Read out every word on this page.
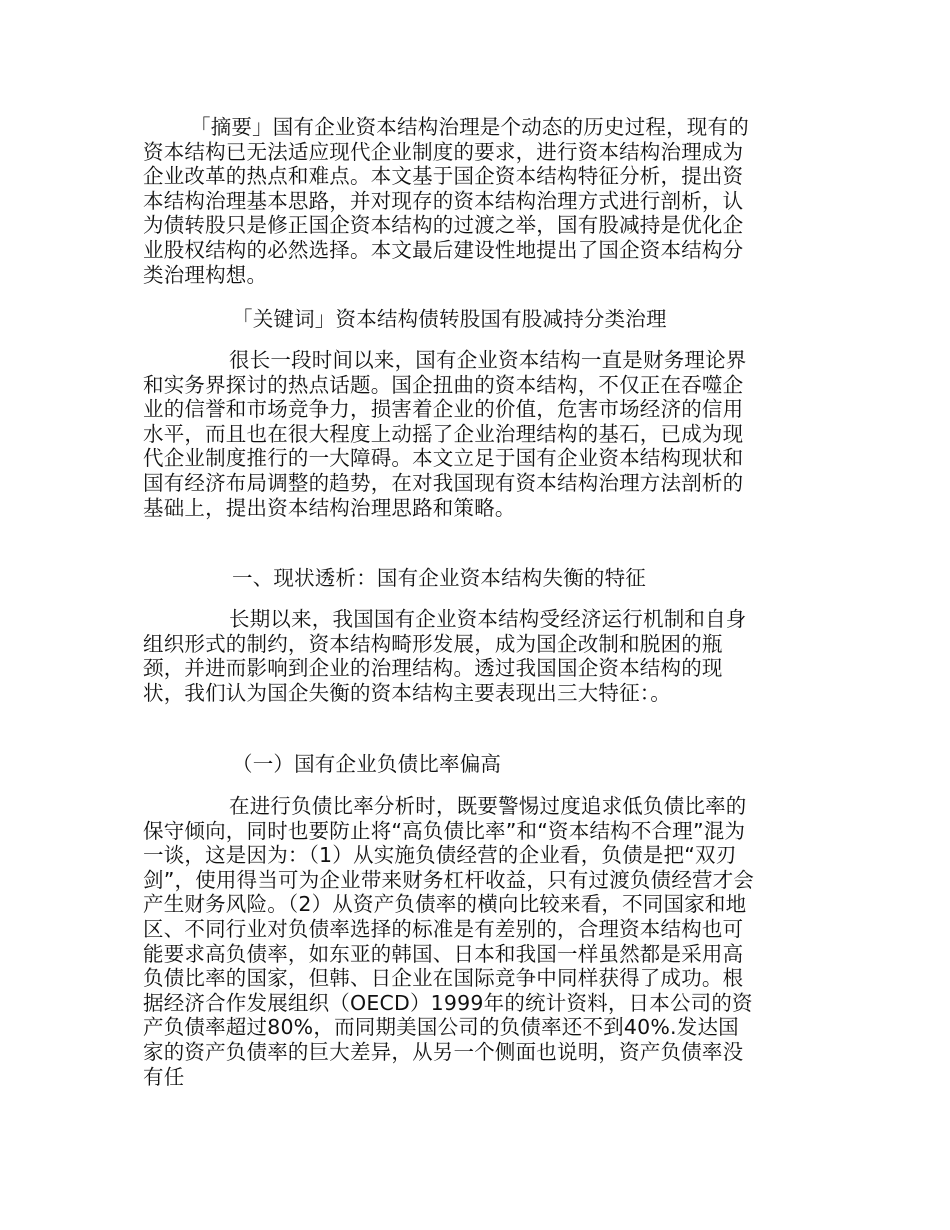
「摘要」国有企业资本结构治理是个动态的历史过程，现有的资本结构已无法适应现代企业制度的要求，进行资本结构治理成为企业改革的热点和难点。本文基于国企资本结构特征分析，提出资本结构治理基本思路，并对现存的资本结构治理方式进行剖析，认为债转股只是修正国企资本结构的过渡之举，国有股减持是优化企业股权结构的必然选择。本文最后建设性地提出了国企资本结构分类治理构想。

「关键词」资本结构债转股国有股减持分类治理

很长一段时间以来，国有企业资本结构一直是财务理论界和实务界探讨的热点话题。国企扭曲的资本结构，不仅正在吞噬企业的信誉和市场竞争力，损害着企业的价值，危害市场经济的信用水平，而且也在很大程度上动摇了企业治理结构的基石，已成为现代企业制度推行的一大障碍。本文立足于国有企业资本结构现状和国有经济布局调整的趋势，在对我国现有资本结构治理方法剖析的基础上，提出资本结构治理思路和策略。

一、现状透析：国有企业资本结构失衡的特征

长期以来，我国国有企业资本结构受经济运行机制和自身组织形式的制约，资本结构畸形发展，成为国企改制和脱困的瓶颈，并进而影响到企业的治理结构。透过我国国企资本结构的现状，我们认为国企失衡的资本结构主要表现出三大特征：。

（一）国有企业负债比率偏高

在进行负债比率分析时，既要警惕过度追求低负债比率的保守倾向，同时也要防止将“高负债比率”和“资本结构不合理”混为一谈，这是因为：（1）从实施负债经营的企业看，负债是把“双刃剑”，使用得当可为企业带来财务杠杆收益，只有过渡负债经营才会产生财务风险。（2）从资产负债率的横向比较来看，不同国家和地区、不同行业对负债率选择的标准是有差别的，合理资本结构也可能要求高负债率，如东亚的韩国、日本和我国一样虽然都是采用高负债比率的国家，但韩、日企业在国际竞争中同样获得了成功。根据经济合作发展组织（OECD）1999年的统计资料，日本公司的资产负债率超过80%，而同期美国公司的负债率还不到40%.发达国家的资产负债率的巨大差异，从另一个侧面也说明，资产负债率没有任
